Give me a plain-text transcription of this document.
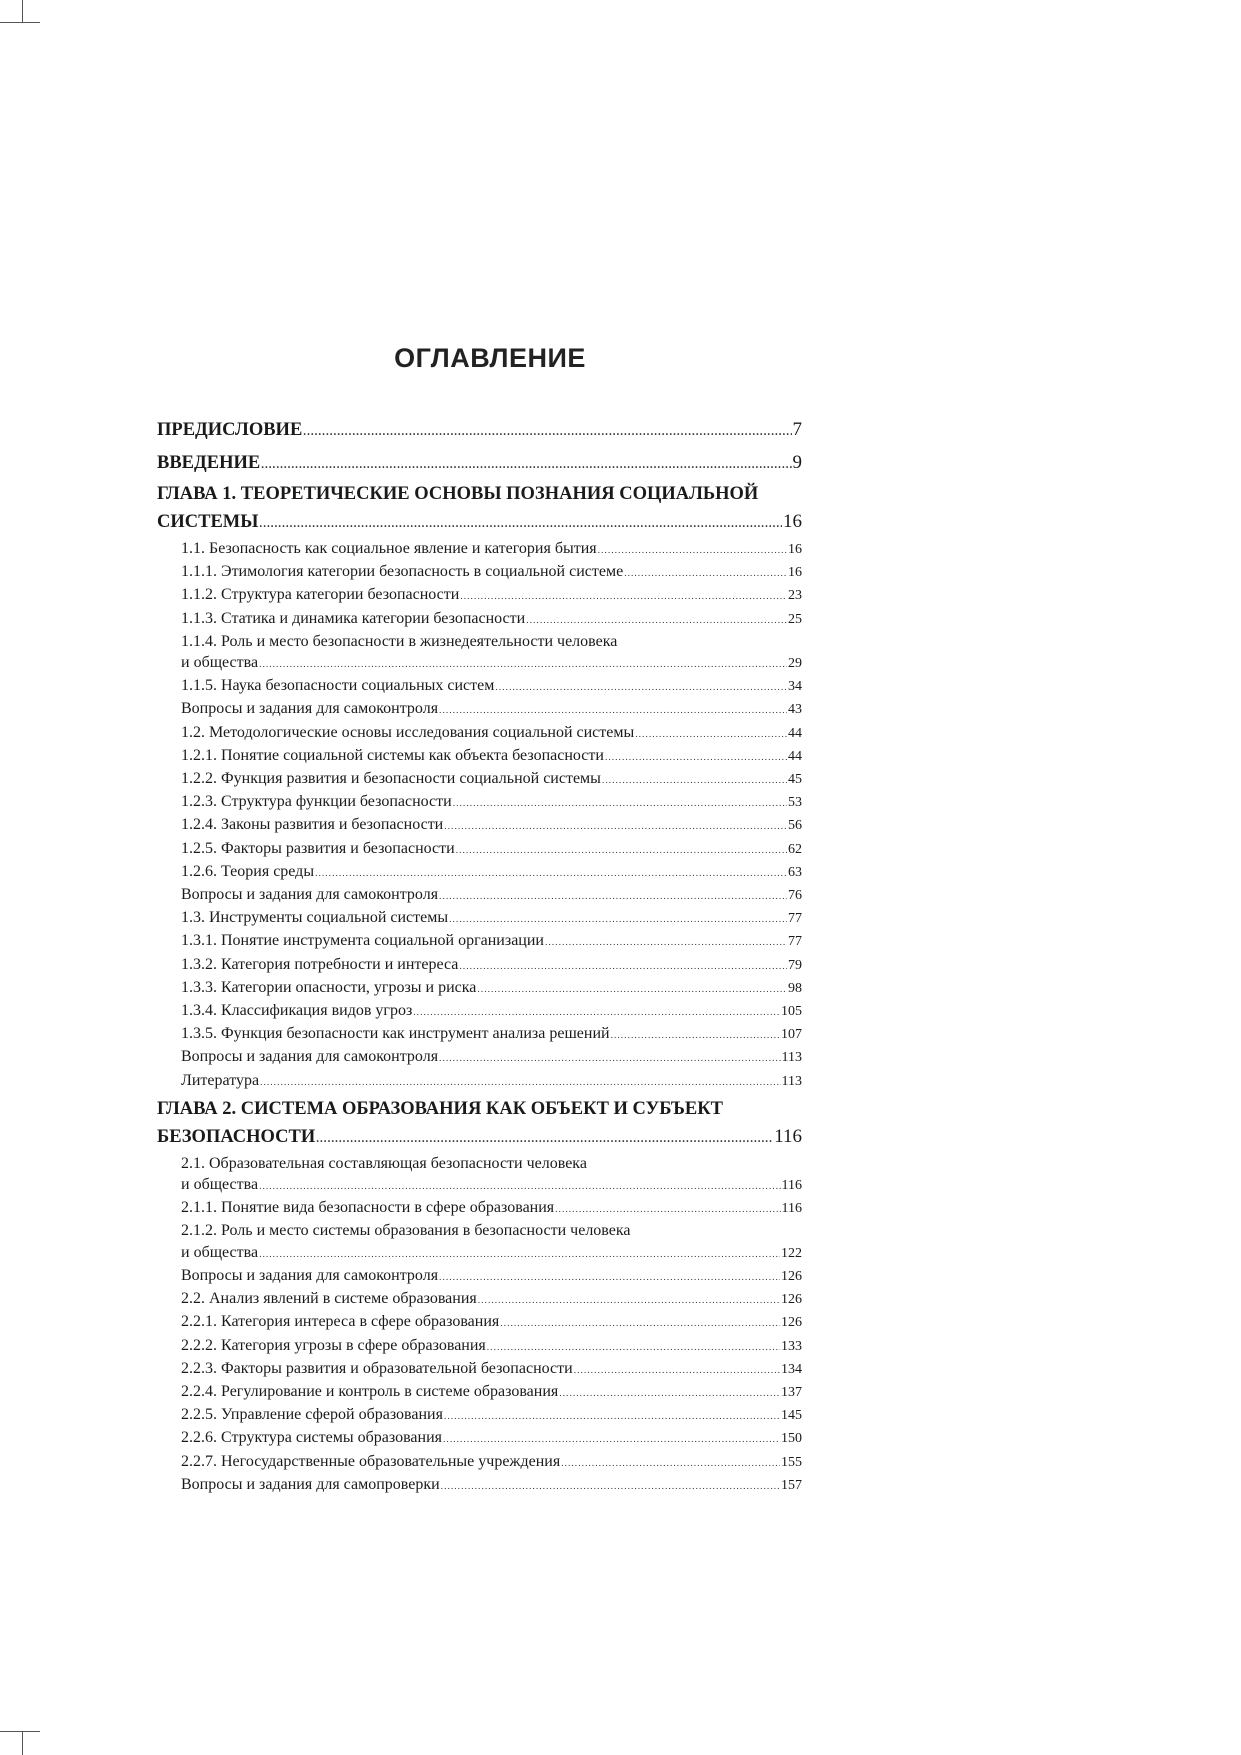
ОГЛАВЛЕНИЕ
ПРЕДИСЛОВИЕ .....	7
ВВЕДЕНИЕ .....	9
ГЛАВА 1. ТЕОРЕТИЧЕСКИЕ ОСНОВЫ ПОЗНАНИЯ СОЦИАЛЬНОЙ
СИСТЕМЫ .....	16
1.1. Безопасность как социальное явление и категория бытия .....	16
1.1.1. Этимология категории безопасность в социальной системе .....	16
1.1.2. Структура категории безопасности .....	23
1.1.3. Статика и динамика категории безопасности .....	25
1.1.4. Роль и место безопасности в жизнедеятельности человека
и общества .....	29
1.1.5. Наука безопасности социальных систем .....	34
Вопросы и задания для самоконтроля .....	43
1.2. Методологические основы исследования социальной системы .....	44
1.2.1. Понятие социальной системы как объекта безопасности .....	44
1.2.2. Функция развития и безопасности социальной системы .....	45
1.2.3. Структура функции безопасности .....	53
1.2.4. Законы развития и безопасности .....	56
1.2.5. Факторы развития и безопасности .....	62
1.2.6. Теория среды .....	63
Вопросы и задания для самоконтроля .....	76
1.3. Инструменты социальной системы .....	77
1.3.1. Понятие инструмента социальной организации .....	77
1.3.2. Категория потребности и интереса .....	79
1.3.3. Категории опасности, угрозы и риска .....	98
1.3.4. Классификация видов угроз .....	105
1.3.5. Функция безопасности как инструмент анализа решений .....	107
Вопросы и задания для самоконтроля .....	113
Литература .....	113
ГЛАВА 2. СИСТЕМА ОБРАЗОВАНИЯ КАК ОБЪЕКТ И СУБЪЕКТ
БЕЗОПАСНОСТИ .....	116
2.1. Образовательная составляющая безопасности человека
и общества .....	116
2.1.1. Понятие вида безопасности в сфере образования .....	116
2.1.2. Роль и место системы образования в безопасности человека
и общества .....	122
Вопросы и задания для самоконтроля .....	126
2.2. Анализ явлений в системе образования .....	126
2.2.1. Категория интереса в сфере образования .....	126
2.2.2. Категория угрозы в сфере образования .....	133
2.2.3. Факторы развития и образовательной безопасности .....	134
2.2.4. Регулирование и контроль в системе образования .....	137
2.2.5. Управление сферой образования .....	145
2.2.6. Структура системы образования .....	150
2.2.7. Негосударственные образовательные учреждения .....	155
Вопросы и задания для самопроверки .....	157
